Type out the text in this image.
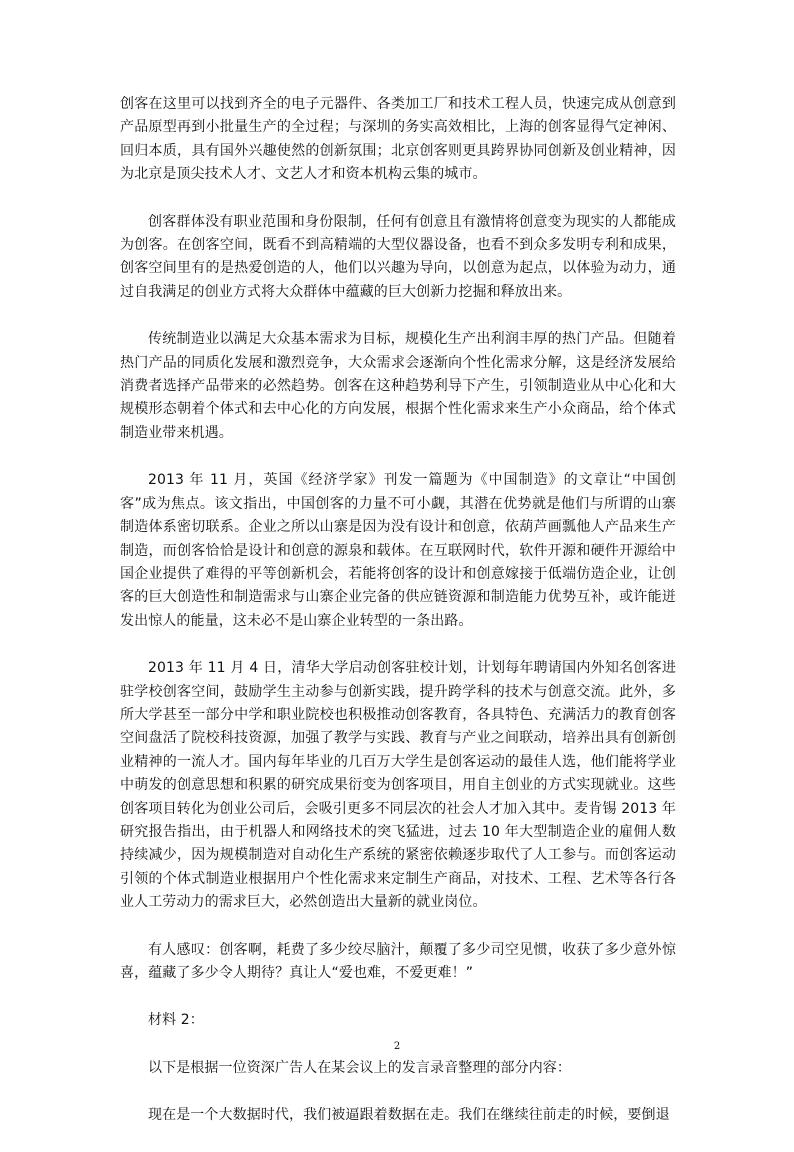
创客在这里可以找到齐全的电子元器件、各类加工厂和技术工程人员，快速完成从创意到产品原型再到小批量生产的全过程；与深圳的务实高效相比，上海的创客显得气定神闲、回归本质，具有国外兴趣使然的创新氛围；北京创客则更具跨界协同创新及创业精神，因为北京是顶尖技术人才、文艺人才和资本机构云集的城市。

创客群体没有职业范围和身份限制，任何有创意且有激情将创意变为现实的人都能成为创客。在创客空间，既看不到高精端的大型仪器设备，也看不到众多发明专利和成果，创客空间里有的是热爱创造的人，他们以兴趣为导向，以创意为起点，以体验为动力，通过自我满足的创业方式将大众群体中蕴藏的巨大创新力挖掘和释放出来。

传统制造业以满足大众基本需求为目标，规模化生产出利润丰厚的热门产品。但随着热门产品的同质化发展和激烈竞争，大众需求会逐渐向个性化需求分解，这是经济发展给消费者选择产品带来的必然趋势。创客在这种趋势利导下产生，引领制造业从中心化和大规模形态朝着个体式和去中心化的方向发展，根据个性化需求来生产小众商品，给个体式制造业带来机遇。

2013 年 11 月，英国《经济学家》刊发一篇题为《中国制造》的文章让“中国创客”成为焦点。该文指出，中国创客的力量不可小觑，其潜在优势就是他们与所谓的山寨制造体系密切联系。企业之所以山寨是因为没有设计和创意，依葫芦画瓢他人产品来生产制造，而创客恰恰是设计和创意的源泉和载体。在互联网时代，软件开源和硬件开源给中国企业提供了难得的平等创新机会，若能将创客的设计和创意嫁接于低端仿造企业，让创客的巨大创造性和制造需求与山寨企业完备的供应链资源和制造能力优势互补，或许能迸发出惊人的能量，这未必不是山寨企业转型的一条出路。

2013 年 11 月 4 日，清华大学启动创客驻校计划，计划每年聘请国内外知名创客进驻学校创客空间，鼓励学生主动参与创新实践，提升跨学科的技术与创意交流。此外，多所大学甚至一部分中学和职业院校也积极推动创客教育，各具特色、充满活力的教育创客空间盘活了院校科技资源，加强了教学与实践、教育与产业之间联动，培养出具有创新创业精神的一流人才。国内每年毕业的几百万大学生是创客运动的最佳人选，他们能将学业中萌发的创意思想和积累的研究成果衍变为创客项目，用自主创业的方式实现就业。这些创客项目转化为创业公司后，会吸引更多不同层次的社会人才加入其中。麦肯锡 2013 年研究报告指出，由于机器人和网络技术的突飞猛进，过去 10 年大型制造企业的雇佣人数持续减少，因为规模制造对自动化生产系统的紧密依赖逐步取代了人工参与。而创客运动引领的个体式制造业根据用户个性化需求来定制生产商品，对技术、工程、艺术等各行各业人工劳动力的需求巨大，必然创造出大量新的就业岗位。

有人感叹：创客啊，耗费了多少绞尽脑汁，颠覆了多少司空见惯，收获了多少意外惊喜，蕴藏了多少令人期待？真让人“爱也难，不爱更难！”

材料 2：

以下是根据一位资深广告人在某会议上的发言录音整理的部分内容：

现在是一个大数据时代，我们被逼跟着数据在走。我们在继续往前走的时候，要倒退

2
